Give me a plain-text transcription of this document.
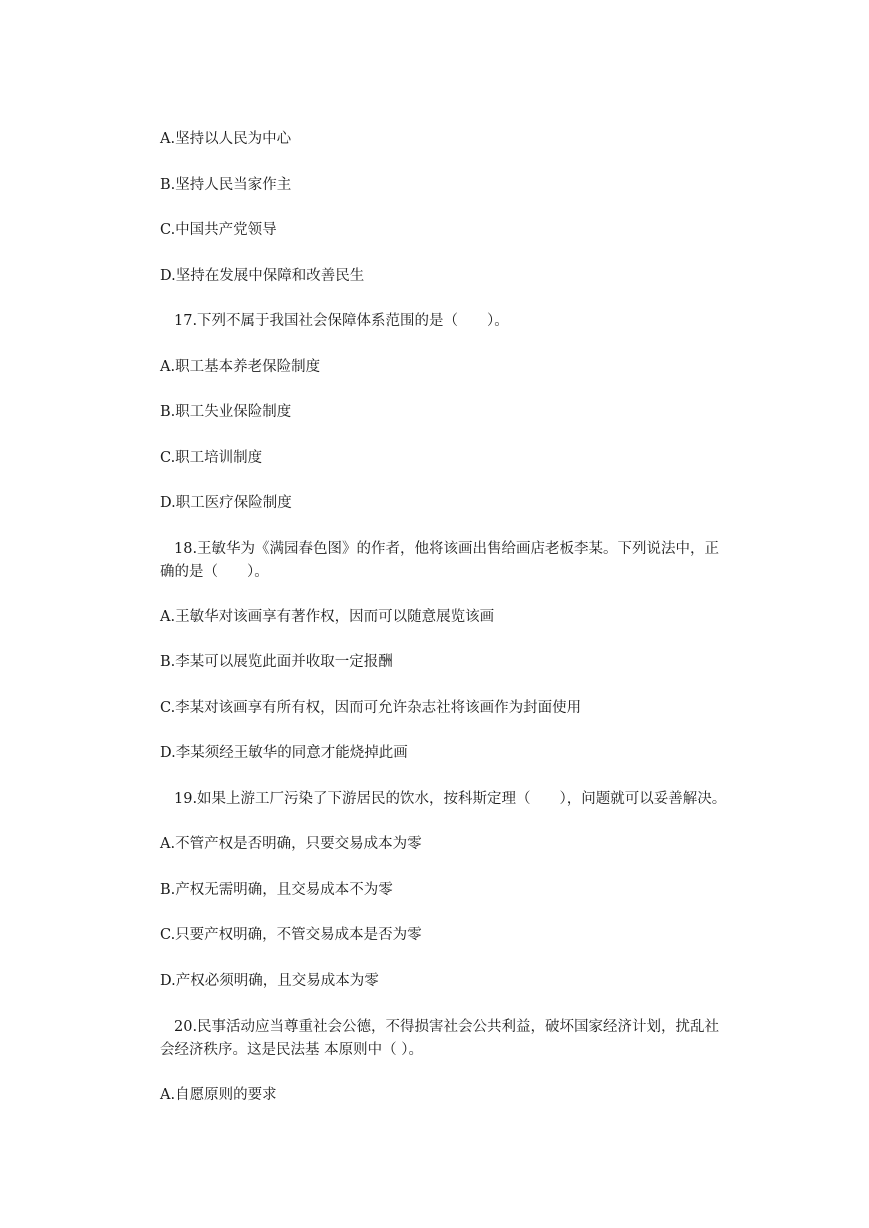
A.坚持以人民为中心
B.坚持人民当家作主
C.中国共产党领导
D.坚持在发展中保障和改善民生
17.下列不属于我国社会保障体系范围的是（　　）。
A.职工基本养老保险制度
B.职工失业保险制度
C.职工培训制度
D.职工医疗保险制度
18.王敏华为《满园春色图》的作者，他将该画出售给画店老板李某。下列说法中，正
确的是（　　）。
A.王敏华对该画享有著作权，因而可以随意展览该画
B.李某可以展览此面并收取一定报酬
C.李某对该画享有所有权，因而可允许杂志社将该画作为封面使用
D.李某须经王敏华的同意才能烧掉此画
19.如果上游工厂污染了下游居民的饮水，按科斯定理（　　），问题就可以妥善解决。
A.不管产权是否明确，只要交易成本为零
B.产权无需明确，且交易成本不为零
C.只要产权明确，不管交易成本是否为零
D.产权必须明确，且交易成本为零
20.民事活动应当尊重社会公德，不得损害社会公共利益，破坏国家经济计划，扰乱社
会经济秩序。这是民法基 本原则中（ ）。
A.自愿原则的要求
